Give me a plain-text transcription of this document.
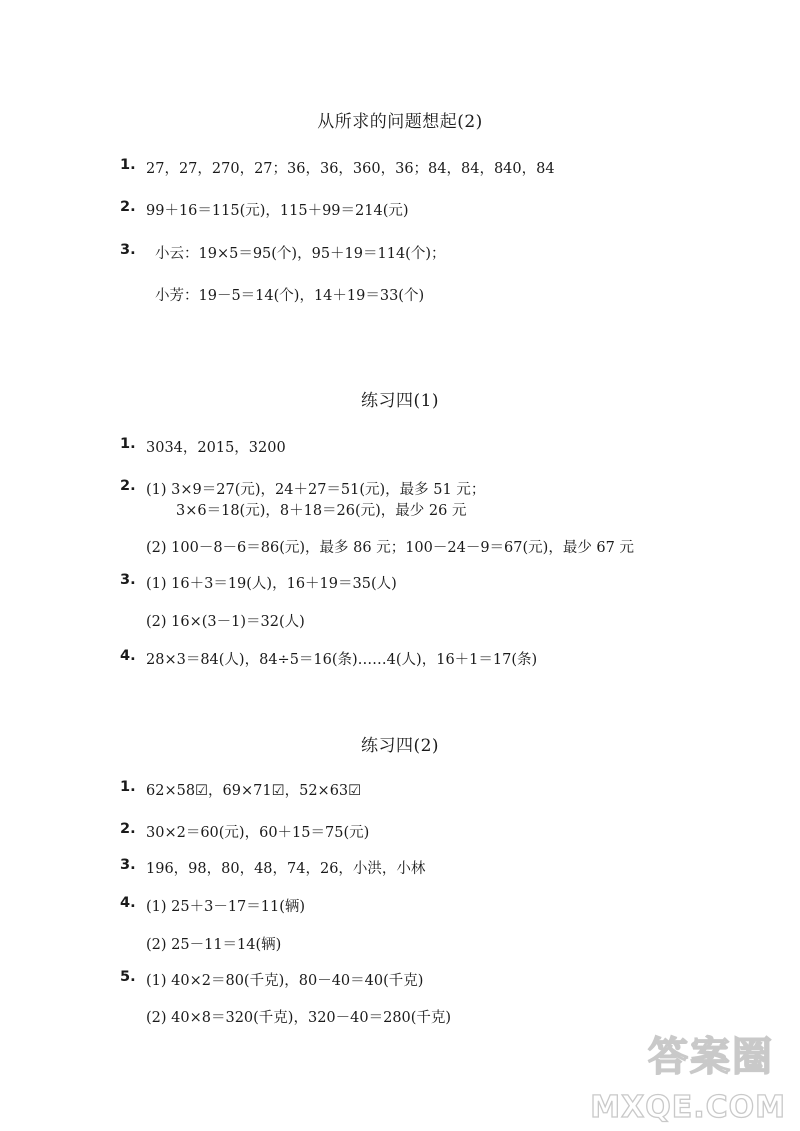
从所求的问题想起(2)
1. 27，27，270，27；36，36，360，36；84，84，840，84
2. 99＋16＝115(元)，115＋99＝214(元)
3. 小云：19×5＝95(个)，95＋19＝114(个)；
小芳：19－5＝14(个)，14＋19＝33(个)
练习四(1)
1. 3034，2015，3200
2. (1) 3×9＝27(元)，24＋27＝51(元)，最多 51 元；
3×6＝18(元)，8＋18＝26(元)，最少 26 元
(2) 100－8－6＝86(元)，最多 86 元；100－24－9＝67(元)，最少 67 元
3. (1) 16＋3＝19(人)，16＋19＝35(人)
(2) 16×(3－1)＝32(人)
4. 28×3＝84(人)，84÷5＝16(条)……4(人)，16＋1＝17(条)
练习四(2)
1. 62×58☑，69×71☑，52×63☑
2. 30×2＝60(元)，60＋15＝75(元)
3. 196，98，80，48，74，26，小洪，小林
4. (1) 25＋3－17＝11(辆)
(2) 25－11＝14(辆)
5. (1) 40×2＝80(千克)，80－40＝40(千克)
(2) 40×8＝320(千克)，320－40＝280(千克)
答案圈
MXQE.COM
